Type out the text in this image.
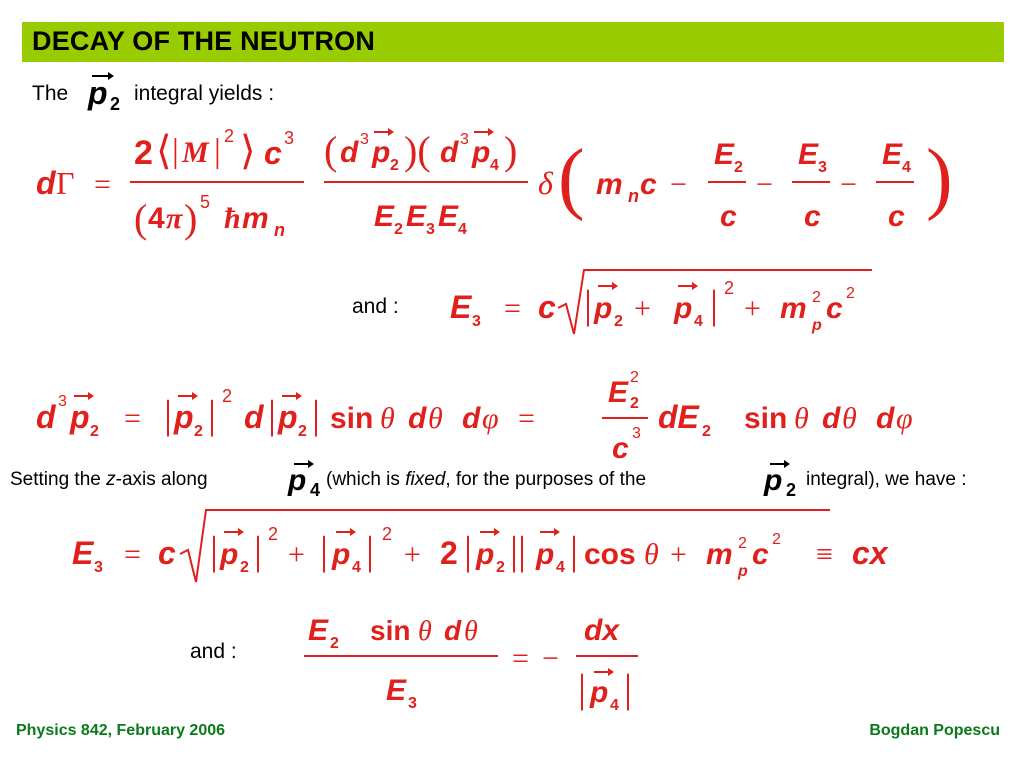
DECAY OF THE NEUTRON
The p 2 integral yields :
d Γ =
2 ⟨ | M | 2 ⟩ c 3
( 4 π ) 5 ħ m n
( d 3 p 2 )( d 3 p 4 )
E 2 E 3 E 4
δ ( m n c −
E 2
c
−
E 3
c
−
E 4
c )
and : E 3 = c | p 2 + p 4 | 2
+ m 2
p
c 2
d 3 p 2 = | p 2 | 2
d | p 2 | sin θ d θ d φ =
E 2
2
c 3 dE 2 sin θ d θ d φ
Setting the z-axis along	p 4 (which is fixed, for the purposes of the	p 2 integral), we have :
E 3 = c | p 2 | 2
+ | p 4 | 2
+ 2 | p 2 || p 4 | cos θ + m 2
p
c 2 ≡ cx
and :
E 2 sin θ d θ
E 3
= −
dx
| p 4 |
Physics 842, February 2006	Bogdan Popescu
